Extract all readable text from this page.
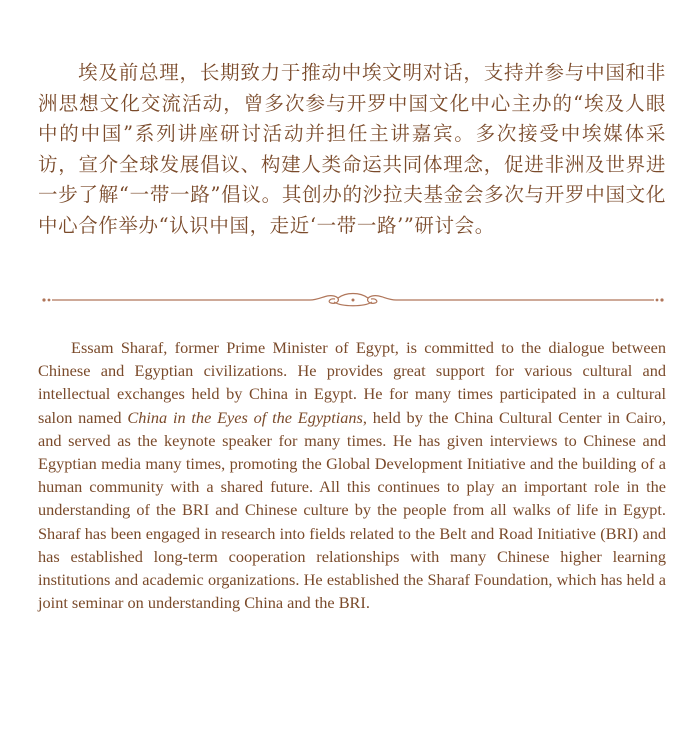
埃及前总理，长期致力于推动中埃文明对话，支持并参与中国和非洲思想文化交流活动，曾多次参与开罗中国文化中心主办的“埃及人眼中的中国”系列讲座研讨活动并担任主讲嘉宾。多次接受中埃媒体采访，宣介全球发展倡议、构建人类命运共同体理念，促进非洲及世界进一步了解“一带一路”倡议。其创办的沙拉夫基金会多次与开罗中国文化中心合作举办“认识中国，走近‘一带一路’”研讨会。

Essam Sharaf, former Prime Minister of Egypt, is committed to the dialogue between Chinese and Egyptian civilizations. He provides great support for various cultural and intellectual exchanges held by China in Egypt. He for many times participated in a cultural salon named China in the Eyes of the Egyptians, held by the China Cultural Center in Cairo, and served as the keynote speaker for many times. He has given interviews to Chinese and Egyptian media many times, promoting the Global Development Initiative and the building of a human community with a shared future. All this continues to play an important role in the understanding of the BRI and Chinese culture by the people from all walks of life in Egypt. Sharaf has been engaged in research into fields related to the Belt and Road Initiative (BRI) and has established long-term cooperation relationships with many Chinese higher learning institutions and academic organizations. He established the Sharaf Foundation, which has held a joint seminar on understanding China and the BRI.
